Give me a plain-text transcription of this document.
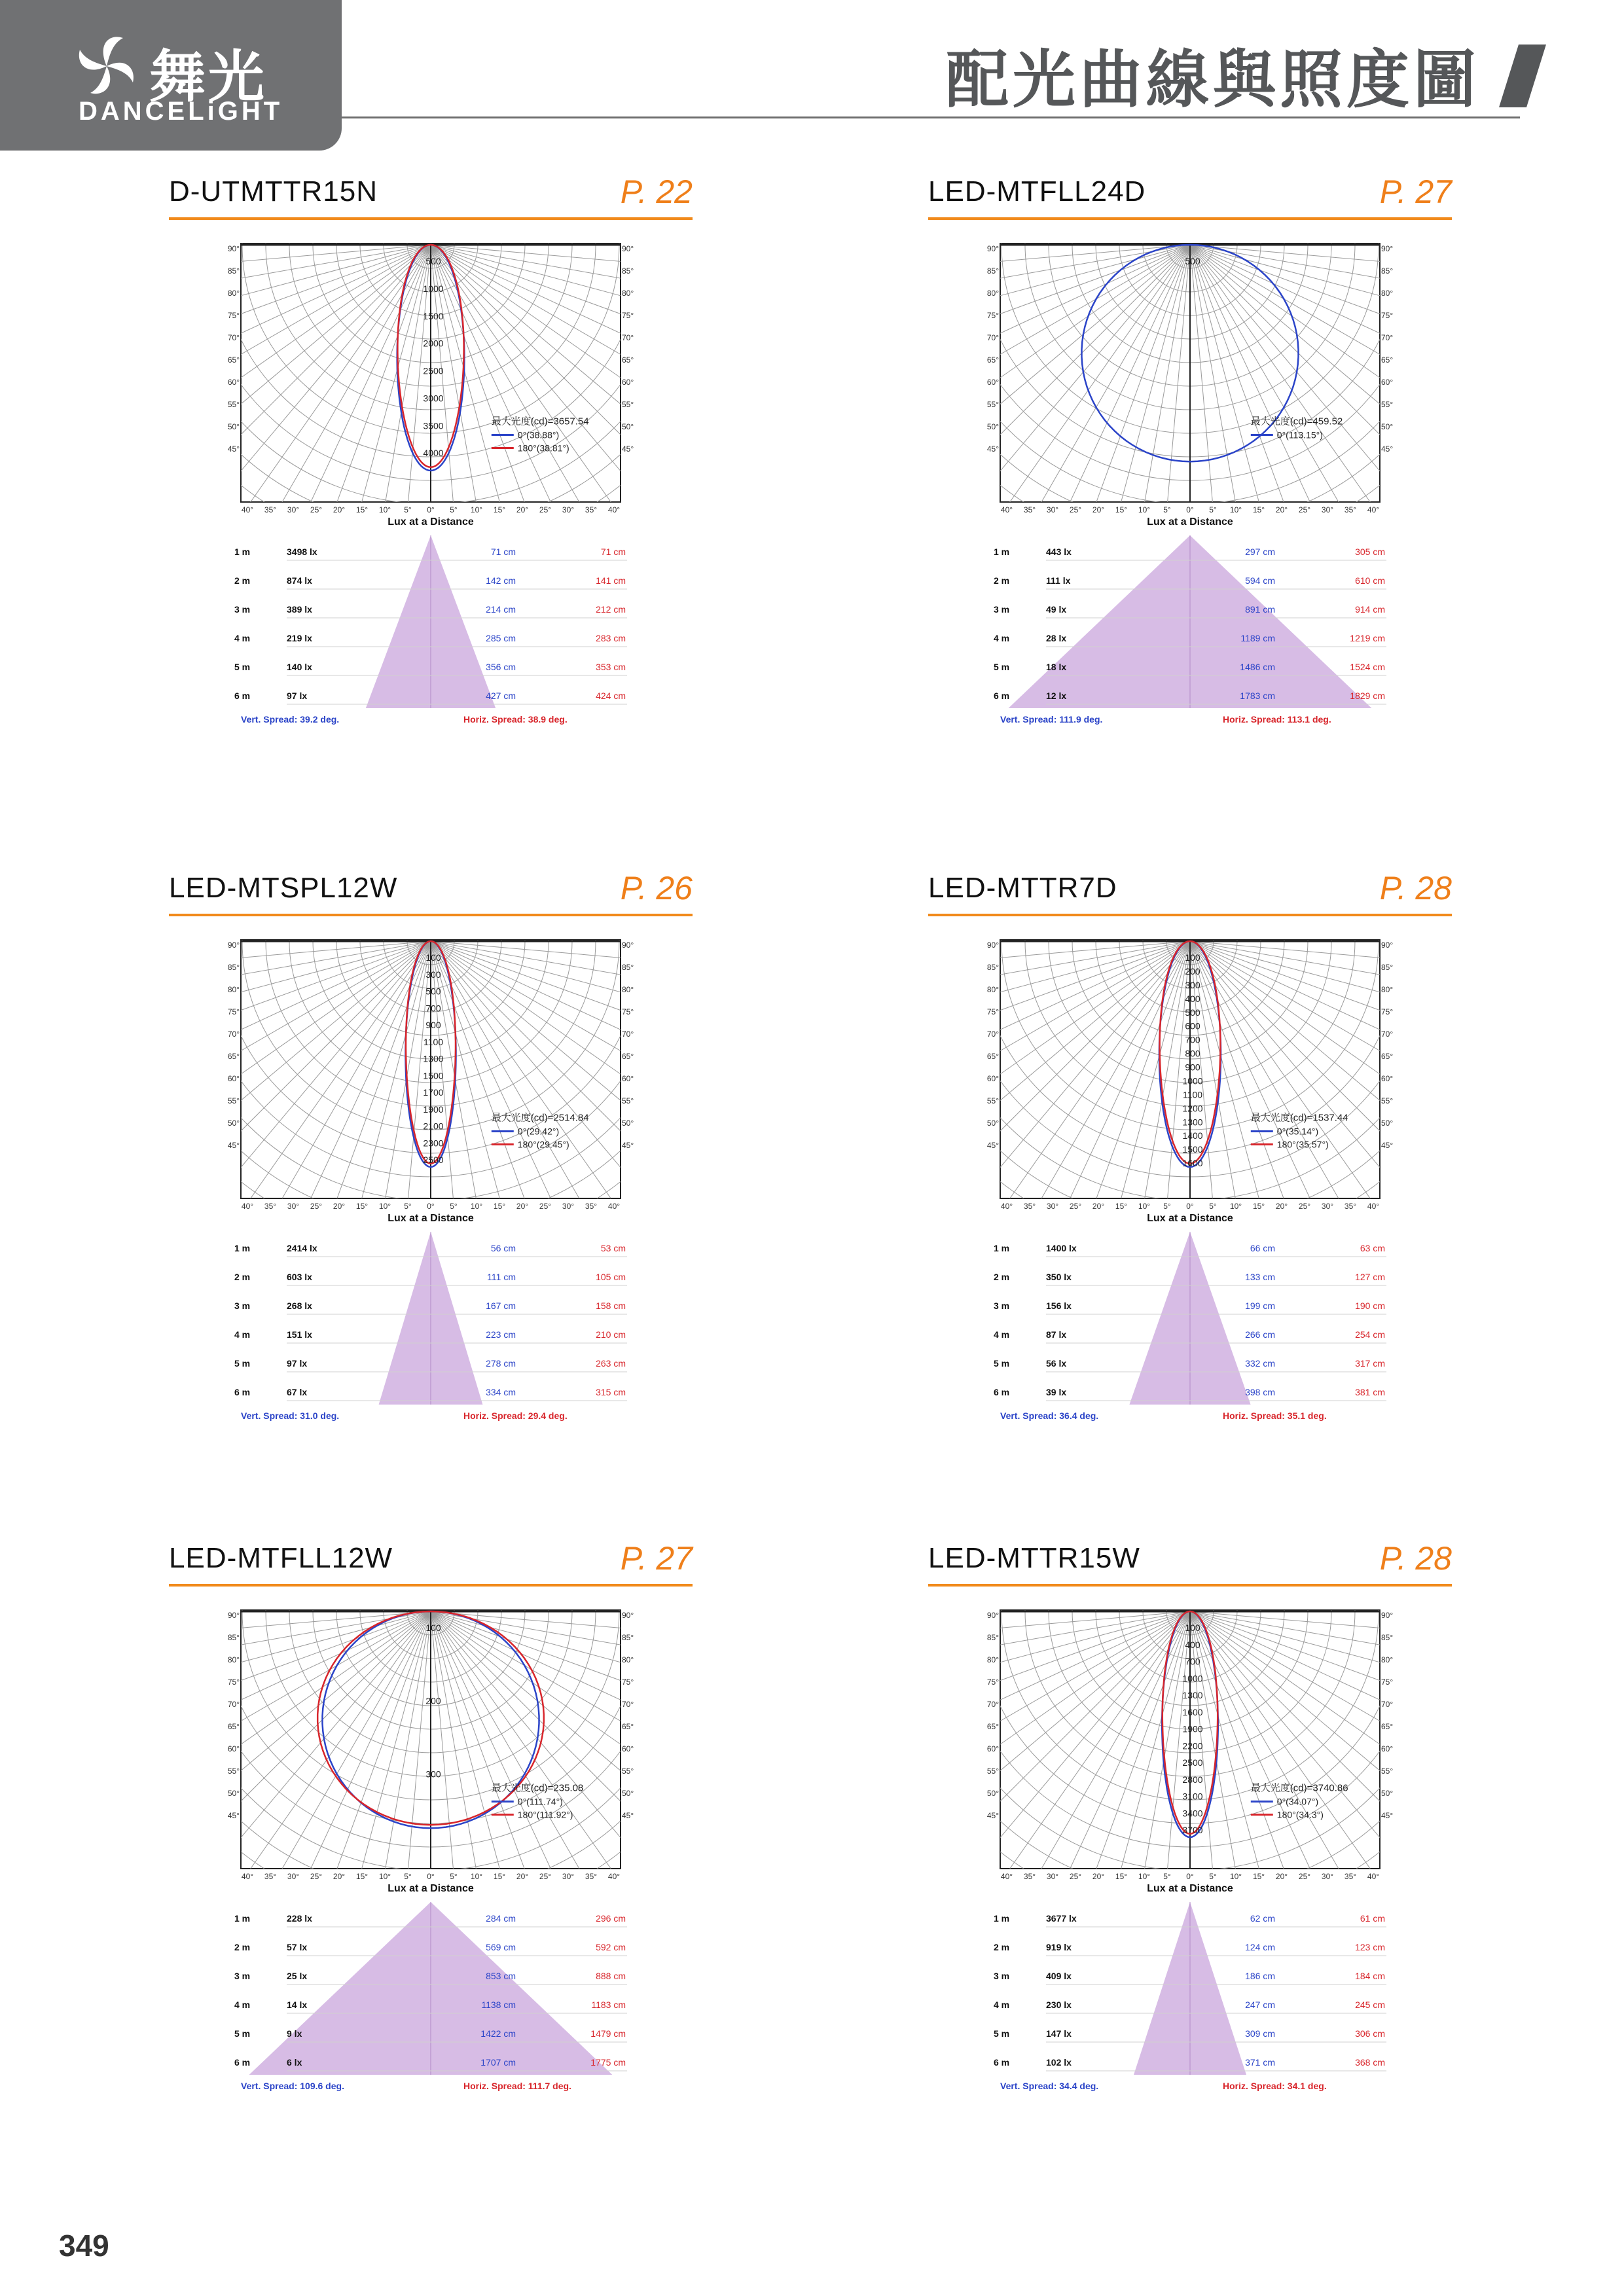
舞光
DANCELiGHT	配光曲線與照度圖
D-UTMTTR15N	P. 22
500
1000
1500
2000
2500
3000
3500
4000
90°	90°
85°	85°
80°	80°
75°	75°
70°	70°
65°	65°
60°	60°
55°	55°
50°	50°
45°	45°
40° 35° 30° 25° 20° 15° 10° 5° 0° 5° 10° 15° 20° 25° 30° 35° 40°
最大光度(cd)=3657.54
0°(38.88°)
180°(38.81°)
Lux at a Distance
1 m	3498 lx	71 cm	71 cm
2 m	874 lx	142 cm	141 cm
3 m	389 lx	214 cm	212 cm
4 m	219 lx	285 cm	283 cm
5 m	140 lx	356 cm	353 cm
6 m	97 lx	427 cm	424 cm
Vert. Spread: 39.2 deg.	Horiz. Spread: 38.9 deg.
LED-MTFLL24D	P. 27
500
90°	90°
85°	85°
80°	80°
75°	75°
70°	70°
65°	65°
60°	60°
55°	55°
50°	50°
45°	45°
40° 35° 30° 25° 20° 15° 10° 5° 0° 5° 10° 15° 20° 25° 30° 35° 40°
最大光度(cd)=459.52
0°(113.15°)
Lux at a Distance
1 m	443 lx	297 cm	305 cm
2 m	111 lx	594 cm	610 cm
3 m	49 lx	891 cm	914 cm
4 m	28 lx	1189 cm	1219 cm
5 m	18 lx	1486 cm	1524 cm
6 m	12 lx	1783 cm	1829 cm
Vert. Spread: 111.9 deg.	Horiz. Spread: 113.1 deg.
LED-MTSPL12W	P. 26
100
300
500
700
900
1100
1300
1500
1700
1900
2100
2300
2500
90°	90°
85°	85°
80°	80°
75°	75°
70°	70°
65°	65°
60°	60°
55°	55°
50°	50°
45°	45°
40° 35° 30° 25° 20° 15° 10° 5° 0° 5° 10° 15° 20° 25° 30° 35° 40°
最大光度(cd)=2514.84
0°(29.42°)
180°(29.45°)
Lux at a Distance
1 m	2414 lx	56 cm	53 cm
2 m	603 lx	111 cm	105 cm
3 m	268 lx	167 cm	158 cm
4 m	151 lx	223 cm	210 cm
5 m	97 lx	278 cm	263 cm
6 m	67 lx	334 cm	315 cm
Vert. Spread: 31.0 deg.	Horiz. Spread: 29.4 deg.
LED-MTTR7D	P. 28
100
200
300
400
500
600
700
800
900
1000
1100
1200
1300
1400
1500
1600
90°	90°
85°	85°
80°	80°
75°	75°
70°	70°
65°	65°
60°	60°
55°	55°
50°	50°
45°	45°
40° 35° 30° 25° 20° 15° 10° 5° 0° 5° 10° 15° 20° 25° 30° 35° 40°
最大光度(cd)=1537.44
0°(35.14°)
180°(35.57°)
Lux at a Distance
1 m	1400 lx	66 cm	63 cm
2 m	350 lx	133 cm	127 cm
3 m	156 lx	199 cm	190 cm
4 m	87 lx	266 cm	254 cm
5 m	56 lx	332 cm	317 cm
6 m	39 lx	398 cm	381 cm
Vert. Spread: 36.4 deg.	Horiz. Spread: 35.1 deg.
LED-MTFLL12W	P. 27
100
200
300
90°	90°
85°	85°
80°	80°
75°	75°
70°	70°
65°	65°
60°	60°
55°	55°
50°	50°
45°	45°
40° 35° 30° 25° 20° 15° 10° 5° 0° 5° 10° 15° 20° 25° 30° 35° 40°
最大光度(cd)=235.08
0°(111.74°)
180°(111.92°)
Lux at a Distance
1 m	228 lx	284 cm	296 cm
2 m	57 lx	569 cm	592 cm
3 m	25 lx	853 cm	888 cm
4 m	14 lx	1138 cm	1183 cm
5 m	9 lx	1422 cm	1479 cm
6 m	6 lx	1707 cm	1775 cm
Vert. Spread: 109.6 deg.	Horiz. Spread: 111.7 deg.
LED-MTTR15W	P. 28
100
400
700
1000
1300
1600
1900
2200
2500
2800
3100
3400
3700
90°	90°
85°	85°
80°	80°
75°	75°
70°	70°
65°	65°
60°	60°
55°	55°
50°	50°
45°	45°
40° 35° 30° 25° 20° 15° 10° 5° 0° 5° 10° 15° 20° 25° 30° 35° 40°
最大光度(cd)=3740.86
0°(34.07°)
180°(34.3°)
Lux at a Distance
1 m	3677 lx	62 cm	61 cm
2 m	919 lx	124 cm	123 cm
3 m	409 lx	186 cm	184 cm
4 m	230 lx	247 cm	245 cm
5 m	147 lx	309 cm	306 cm
6 m	102 lx	371 cm	368 cm
Vert. Spread: 34.4 deg.	Horiz. Spread: 34.1 deg.
349
